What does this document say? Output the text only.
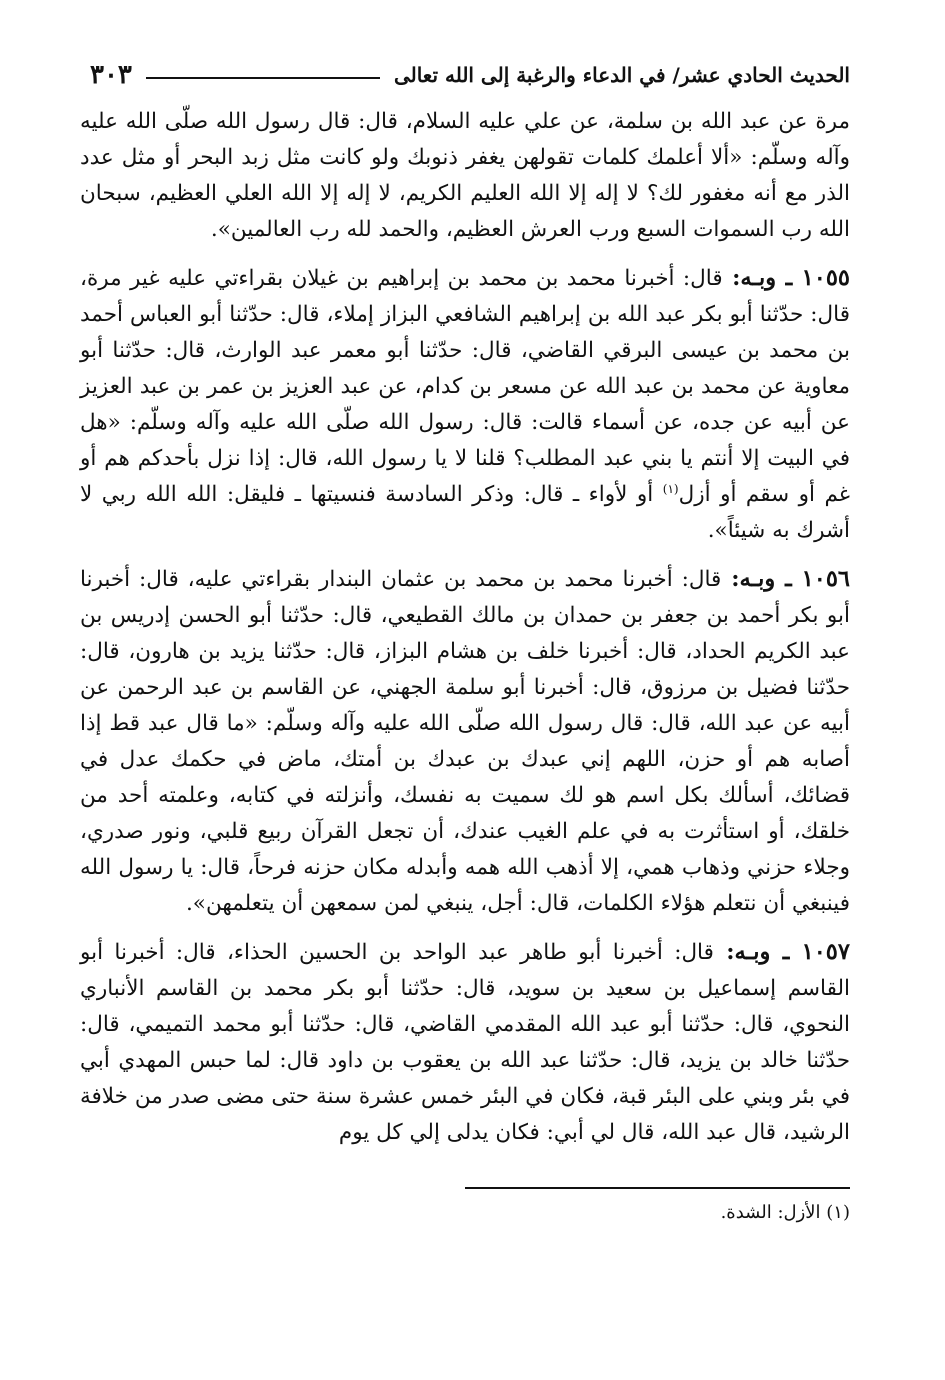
الحديث الحادي عشر/ في الدعاء والرغبة إلى الله تعالى
٣٠٣

مرة عن عبد الله بن سلمة، عن علي عليه السلام، قال: قال رسول الله صلّى الله عليه وآله وسلّم: «ألا أعلمك كلمات تقولهن يغفر ذنوبك ولو كانت مثل زبد البحر أو مثل عدد الذر مع أنه مغفور لك؟ لا إله إلا الله العليم الكريم، لا إله إلا الله العلي العظيم، سبحان الله رب السموات السبع ورب العرش العظيم، والحمد لله رب العالمين».

١٠٥٥ ـ وبـه: قال: أخبرنا محمد بن محمد بن إبراهيم بن غيلان بقراءتي عليه غير مرة، قال: حدّثنا أبو بكر عبد الله بن إبراهيم الشافعي البزاز إملاء، قال: حدّثنا أبو العباس أحمد بن محمد بن عيسى البرقي القاضي، قال: حدّثنا أبو معمر عبد الوارث، قال: حدّثنا أبو معاوية عن محمد بن عبد الله عن مسعر بن كدام، عن عبد العزيز بن عمر بن عبد العزيز عن أبيه عن جده، عن أسماء قالت: قال: رسول الله صلّى الله عليه وآله وسلّم: «هل في البيت إلا أنتم يا بني عبد المطلب؟ قلنا لا يا رسول الله، قال: إذا نزل بأحدكم هم أو غم أو سقم أو أزل$^{(١)}$ أو لأواء ـ قال: وذكر السادسة فنسيتها ـ فليقل: الله الله ربي لا أشرك به شيئاً».

١٠٥٦ ـ وبـه: قال: أخبرنا محمد بن محمد بن عثمان البندار بقراءتي عليه، قال: أخبرنا أبو بكر أحمد بن جعفر بن حمدان بن مالك القطيعي، قال: حدّثنا أبو الحسن إدريس بن عبد الكريم الحداد، قال: أخبرنا خلف بن هشام البزاز، قال: حدّثنا يزيد بن هارون، قال: حدّثنا فضيل بن مرزوق، قال: أخبرنا أبو سلمة الجهني، عن القاسم بن عبد الرحمن عن أبيه عن عبد الله، قال: قال رسول الله صلّى الله عليه وآله وسلّم: «ما قال عبد قط إذا أصابه هم أو حزن، اللهم إني عبدك بن عبدك بن أمتك، ماض في حكمك عدل في قضائك، أسألك بكل اسم هو لك سميت به نفسك، وأنزلته في كتابه، وعلمته أحد من خلقك، أو استأثرت به في علم الغيب عندك، أن تجعل القرآن ربيع قلبي، ونور صدري، وجلاء حزني وذهاب همي، إلا أذهب الله همه وأبدله مكان حزنه فرحاً، قال: يا رسول الله فينبغي أن نتعلم هؤلاء الكلمات، قال: أجل، ينبغي لمن سمعهن أن يتعلمهن».

١٠٥٧ ـ وبـه: قال: أخبرنا أبو طاهر عبد الواحد بن الحسين الحذاء، قال: أخبرنا أبو القاسم إسماعيل بن سعيد بن سويد، قال: حدّثنا أبو بكر محمد بن القاسم الأنباري النحوي، قال: حدّثنا أبو عبد الله المقدمي القاضي، قال: حدّثنا أبو محمد التميمي، قال: حدّثنا خالد بن يزيد، قال: حدّثنا عبد الله بن يعقوب بن داود قال: لما حبس المهدي أبي في بئر وبني على البئر قبة، فكان في البئر خمس عشرة سنة حتى مضى صدر من خلافة الرشيد، قال عبد الله، قال لي أبي: فكان يدلى إلي كل يوم

(١) الأزل: الشدة.
